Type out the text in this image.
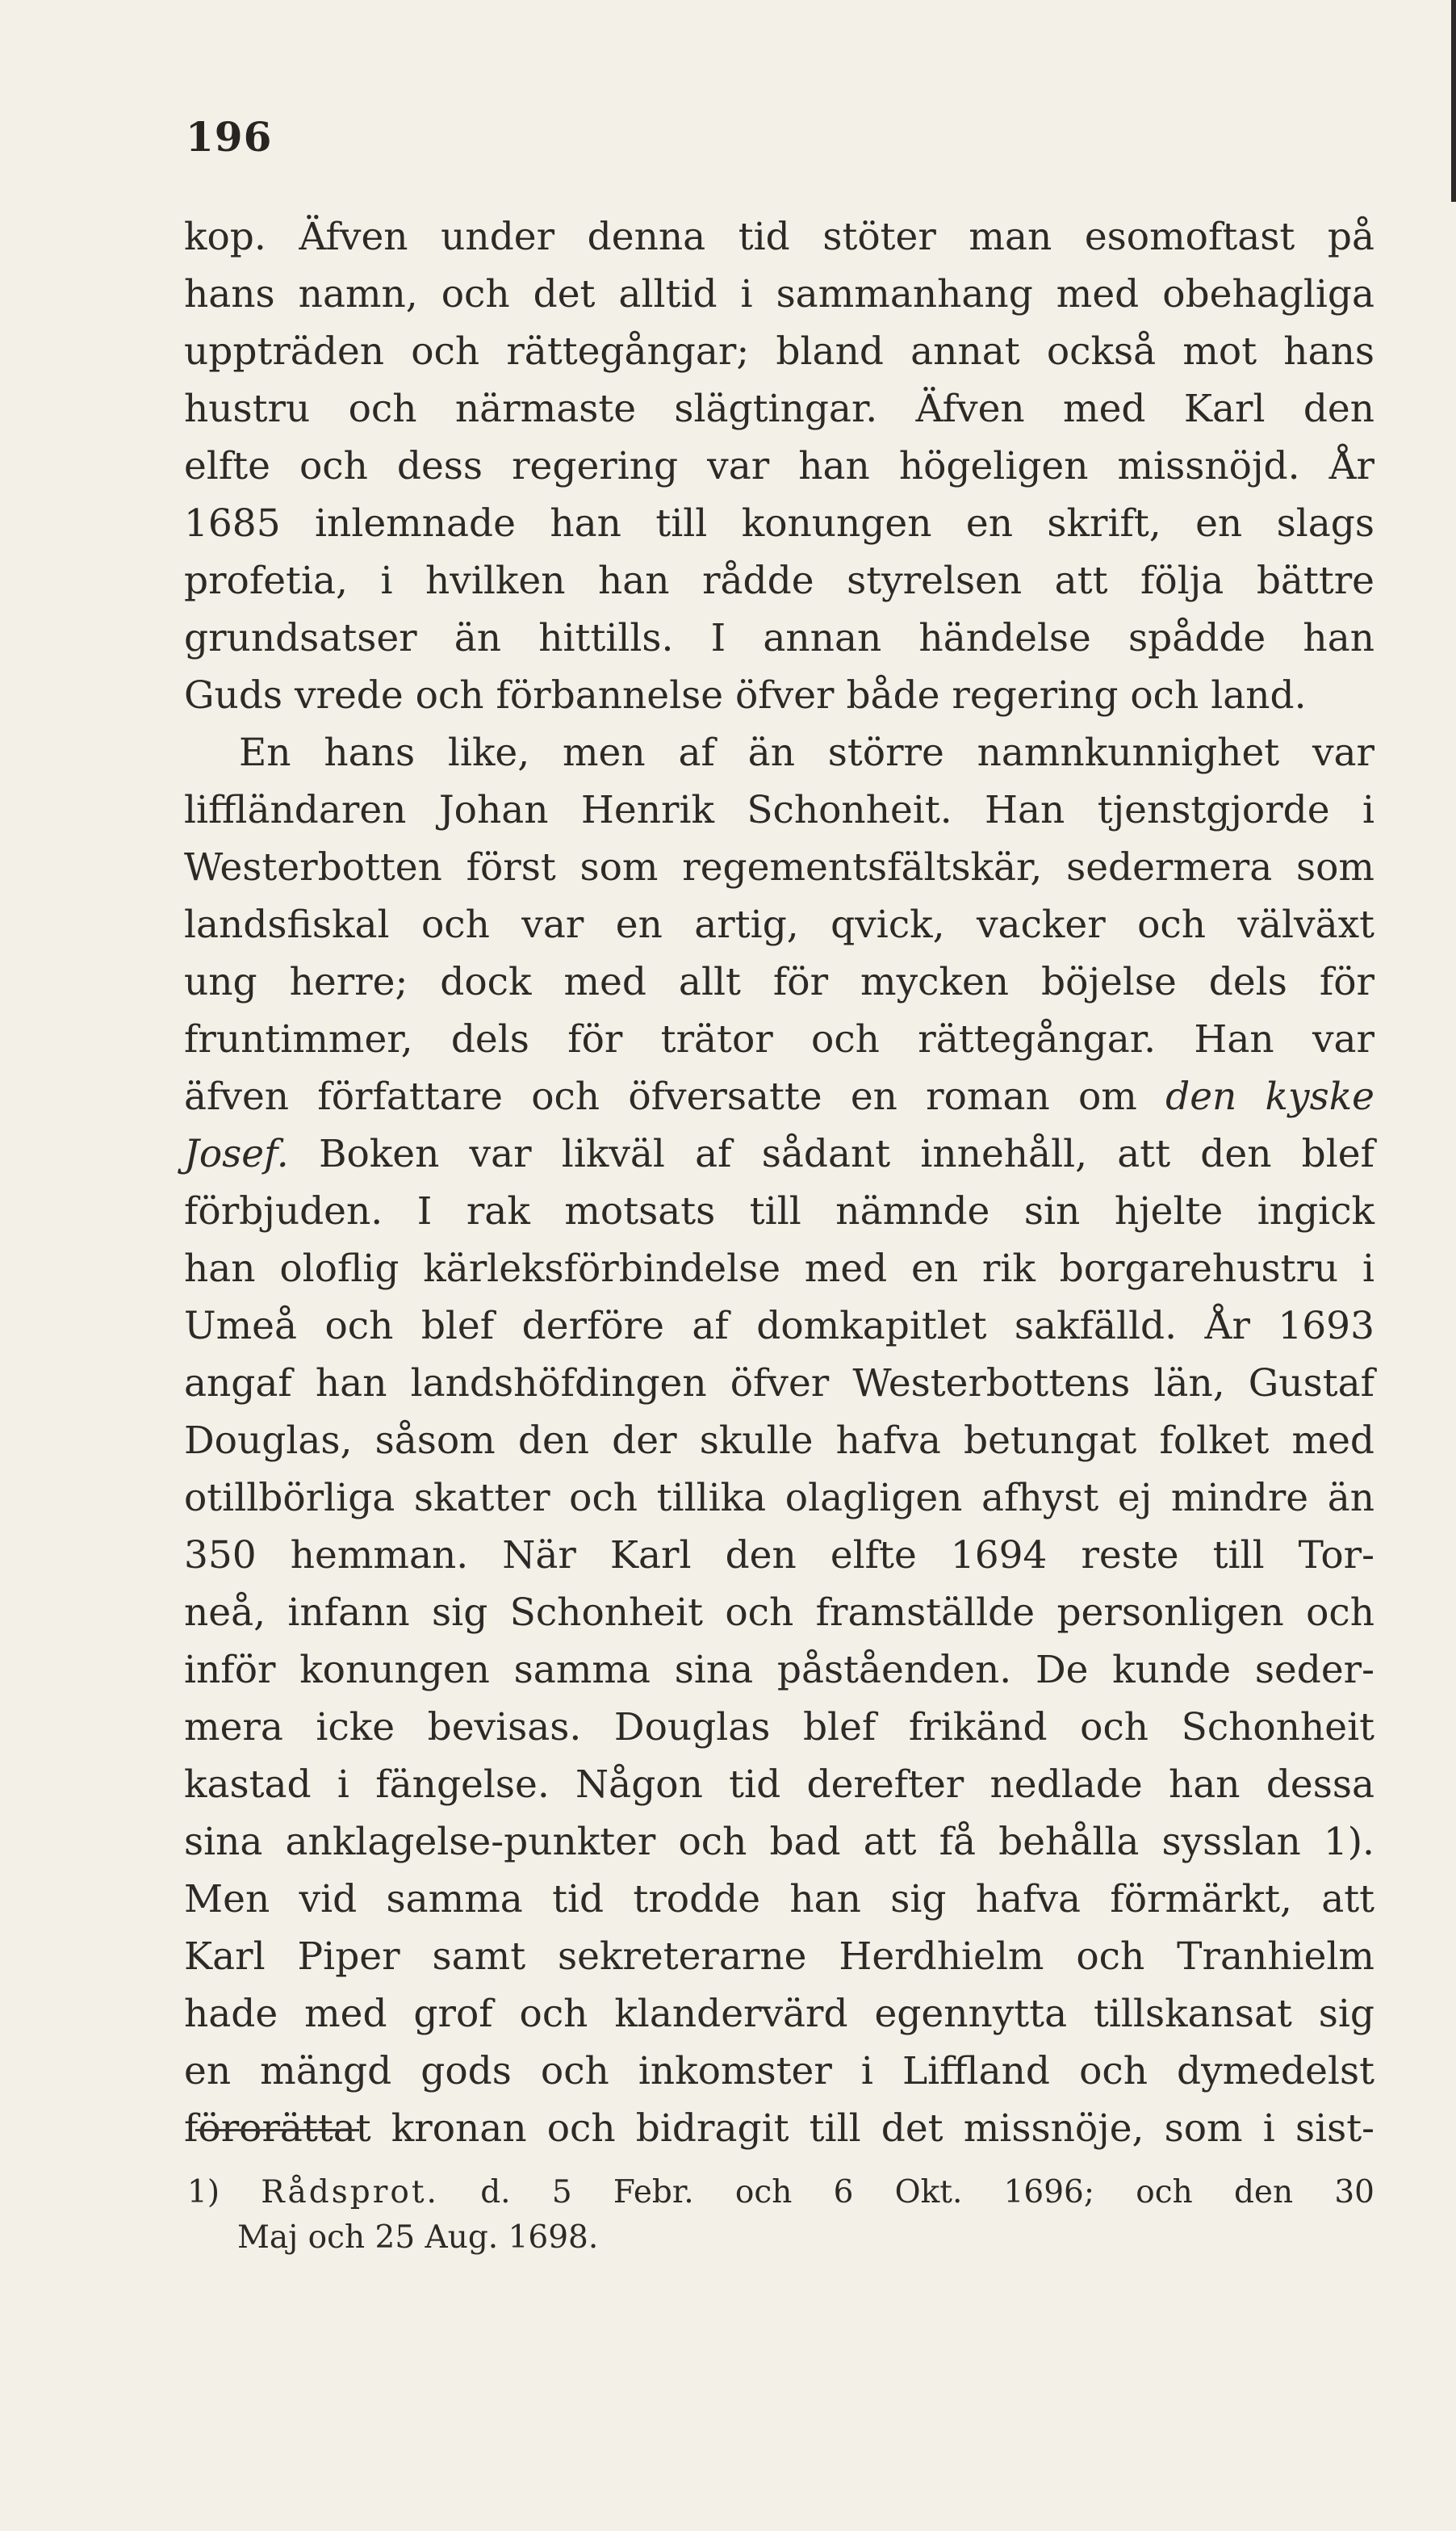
196
kop. Äfven under denna tid stöter man esomoftast på
hans namn, och det alltid i sammanhang med obehagliga
uppträden och rättegångar; bland annat också mot hans
hustru och närmaste slägtingar. Äfven med Karl den
elfte och dess regering var han högeligen missnöjd. År
1685 inlemnade han till konungen en skrift, en slags
profetia, i hvilken han rådde styrelsen att följa bättre
grundsatser än hittills. I annan händelse spådde han
Guds vrede och förbannelse öfver både regering och land.
En hans like, men af än större namnkunnighet var
liffländaren Johan Henrik Schonheit. Han tjenstgjorde i
Westerbotten först som regementsfältskär, sedermera som
landsfiskal och var en artig, qvick, vacker och välväxt
ung herre; dock med allt för mycken böjelse dels för
fruntimmer, dels för trätor och rättegångar. Han var
äfven författare och öfversatte en roman om den kyske
Josef. Boken var likväl af sådant innehåll, att den blef
förbjuden. I rak motsats till nämnde sin hjelte ingick
han oloflig kärleksförbindelse med en rik borgarehustru i
Umeå och blef derföre af domkapitlet sakfälld. År 1693
angaf han landshöfdingen öfver Westerbottens län, Gustaf
Douglas, såsom den der skulle hafva betungat folket med
otillbörliga skatter och tillika olagligen afhyst ej mindre än
350 hemman. När Karl den elfte 1694 reste till Tor-
neå, infann sig Schonheit och framställde personligen och
inför konungen samma sina påståenden. De kunde seder-
mera icke bevisas. Douglas blef frikänd och Schonheit
kastad i fängelse. Någon tid derefter nedlade han dessa
sina anklagelse-punkter och bad att få behålla sysslan 1).
Men vid samma tid trodde han sig hafva förmärkt, att
Karl Piper samt sekreterarne Herdhielm och Tranhielm
hade med grof och klandervärd egennytta tillskansat sig
en mängd gods och inkomster i Liffland och dymedelst
förorättat kronan och bidragit till det missnöje, som i sist-
1) Rådsprot. d. 5 Febr. och 6 Okt. 1696; och den 30
Maj och 25 Aug. 1698.
